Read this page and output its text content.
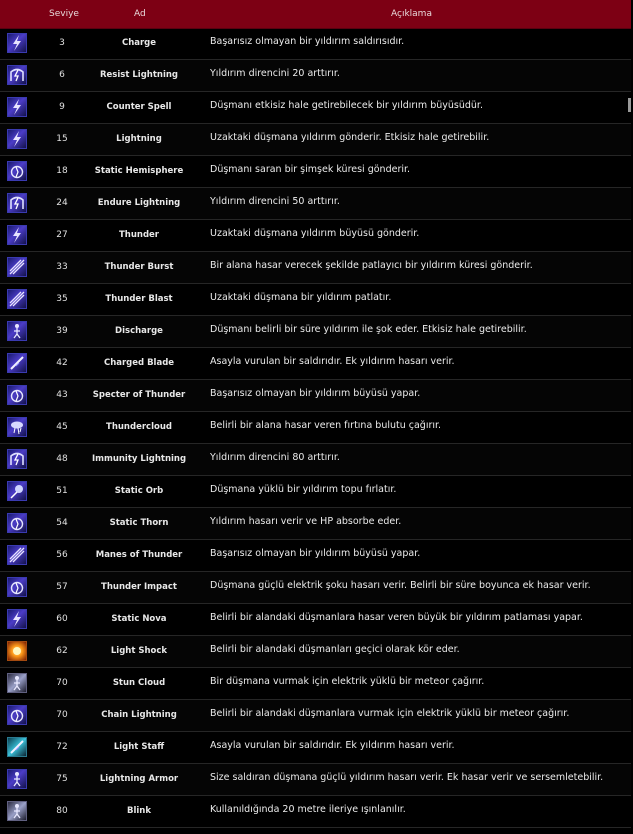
Seviye	Ad	Açıklama
3	Charge	Başarısız olmayan bir yıldırım saldırısıdır.
6	Resist Lightning	Yıldırım direncini 20 arttırır.
9	Counter Spell	Düşmanı etkisiz hale getirebilecek bir yıldırım büyüsüdür.
15	Lightning	Uzaktaki düşmana yıldırım gönderir. Etkisiz hale getirebilir.
18	Static Hemisphere	Düşmanı saran bir şimşek küresi gönderir.
24	Endure Lightning	Yıldırım direncini 50 arttırır.
27	Thunder	Uzaktaki düşmana yıldırım büyüsü gönderir.
33	Thunder Burst	Bir alana hasar verecek şekilde patlayıcı bir yıldırım küresi gönderir.
35	Thunder Blast	Uzaktaki düşmana bir yıldırım patlatır.
39	Discharge	Düşmanı belirli bir süre yıldırım ile şok eder. Etkisiz hale getirebilir.
42	Charged Blade	Asayla vurulan bir saldırıdır. Ek yıldırım hasarı verir.
43	Specter of Thunder	Başarısız olmayan bir yıldırım büyüsü yapar.
45	Thundercloud	Belirli bir alana hasar veren fırtına bulutu çağırır.
48	Immunity Lightning	Yıldırım direncini 80 arttırır.
51	Static Orb	Düşmana yüklü bir yıldırım topu fırlatır.
54	Static Thorn	Yıldırım hasarı verir ve HP absorbe eder.
56	Manes of Thunder	Başarısız olmayan bir yıldırım büyüsü yapar.
57	Thunder Impact	Düşmana güçlü elektrik şoku hasarı verir. Belirli bir süre boyunca ek hasar verir.
60	Static Nova	Belirli bir alandaki düşmanlara hasar veren büyük bir yıldırım patlaması yapar.
62	Light Shock	Belirli bir alandaki düşmanları geçici olarak kör eder.
70	Stun Cloud	Bir düşmana vurmak için elektrik yüklü bir meteor çağırır.
70	Chain Lightning	Belirli bir alandaki düşmanlara vurmak için elektrik yüklü bir meteor çağırır.
72	Light Staff	Asayla vurulan bir saldırıdır. Ek yıldırım hasarı verir.
75	Lightning Armor	Size saldıran düşmana güçlü yıldırım hasarı verir. Ek hasar verir ve sersemletebilir.
80	Blink	Kullanıldığında 20 metre ileriye ışınlanılır.
